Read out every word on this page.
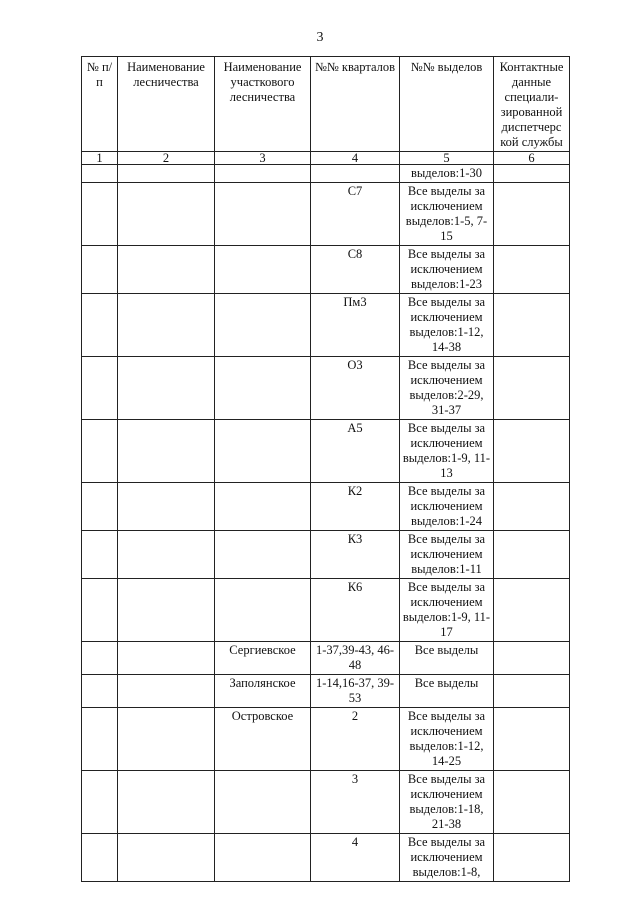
3
№ п/п	Наименование лесничества	Наименование участкового лесничества	№№ кварталов	№№ выделов	Контактные данные специали-зированной диспетчерс кой службы
1	2	3	4	5	6
				выделов:1-30	
			С7	Все выделы за исключением выделов:1-5, 7-15	
			С8	Все выделы за исключением выделов:1-23	
			Пм3	Все выделы за исключением выделов:1-12, 14-38	
			О3	Все выделы за исключением выделов:2-29, 31-37	
			А5	Все выделы за исключением выделов:1-9, 11-13	
			К2	Все выделы за исключением выделов:1-24	
			К3	Все выделы за исключением выделов:1-11	
			К6	Все выделы за исключением выделов:1-9, 11-17	
		Сергиевское	1-37,39-43, 46-48	Все выделы	
		Заполянское	1-14,16-37, 39-53	Все выделы	
		Островское	2	Все выделы за исключением выделов:1-12, 14-25	
			3	Все выделы за исключением выделов:1-18, 21-38	
			4	Все выделы за исключением выделов:1-8,	
